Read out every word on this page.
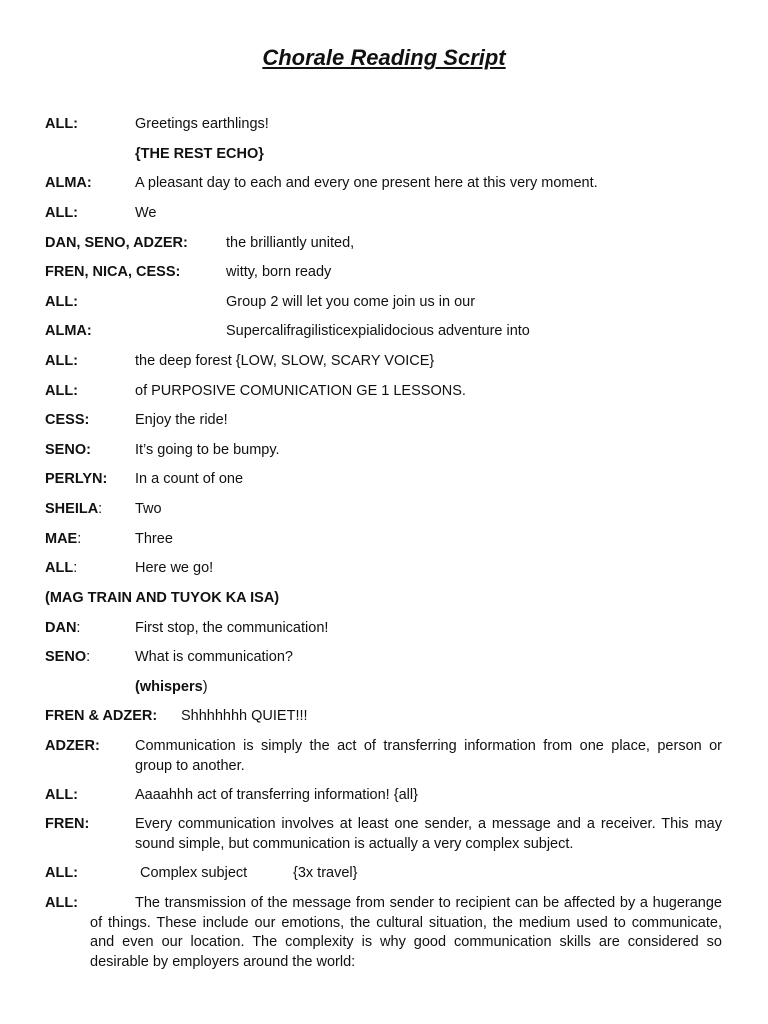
Chorale Reading Script
ALL:	Greetings earthlings!
{THE REST ECHO}
ALMA:	A pleasant day to each and every one present here at this very moment.
ALL:	We
DAN, SENO, ADZER:	the brilliantly united,
FREN, NICA, CESS:	witty, born ready
ALL:	Group 2 will let you come join us in our
ALMA:	Supercalifragilisticexpialidocious adventure into
ALL:	the deep forest {LOW, SLOW, SCARY VOICE}
ALL:	of PURPOSIVE COMUNICATION GE 1 LESSONS.
CESS:	Enjoy the ride!
SENO:	It’s going to be bumpy.
PERLYN: In a count of one
SHEILA: Two
MAE:	Three
ALL:	Here we go!
(MAG TRAIN AND TUYOK KA ISA)
DAN:	First stop, the communication!
SENO:	What is communication?
(whispers)
FREN & ADZER: Shhhhhhh QUIET!!!
ADZER: Communication is simply the act of transferring information from one place, person or group to another.
ALL:	Aaaahhh act of transferring information! {all}
FREN:	Every communication involves at least one sender, a message and a receiver. This may sound simple, but communication is actually a very complex subject.
ALL:	Complex subject	{3x travel}
ALL:	The transmission of the message from sender to recipient can be affected by a hugerange of things. These include our emotions, the cultural situation, the medium used to communicate, and even our location. The complexity is why good communication skills are considered so desirable by employers around the world:
